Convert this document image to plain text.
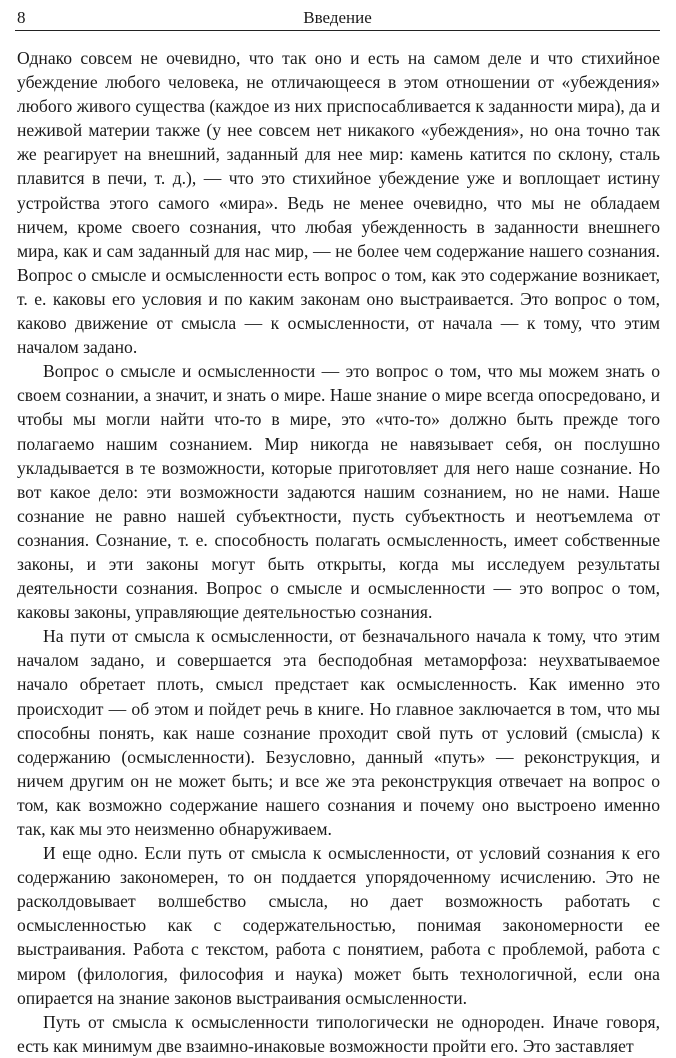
8	Введение

Однако совсем не очевидно, что так оно и есть на самом деле и что стихийное убеждение любого человека, не отличающееся в этом отношении от «убеждения» любого живого существа (каждое из них приспосабливается к заданности мира), да и неживой материи также (у нее совсем нет никакого «убеждения», но она точно так же реагирует на внешний, заданный для нее мир: камень катится по склону, сталь плавится в печи, т. д.), — что это стихийное убеждение уже и воплощает истину устройства этого самого «мира». Ведь не менее очевидно, что мы не обладаем ничем, кроме своего сознания, что любая убежденность в заданности внешнего мира, как и сам заданный для нас мир, — не более чем содержание нашего сознания. Вопрос о смысле и осмысленности есть вопрос о том, как это содержание возникает, т. е. каковы его условия и по каким законам оно выстраивается. Это вопрос о том, каково движение от смысла — к осмысленности, от начала — к тому, что этим началом задано.

Вопрос о смысле и осмысленности — это вопрос о том, что мы можем знать о своем сознании, а значит, и знать о мире. Наше знание о мире всегда опосредовано, и чтобы мы могли найти что-то в мире, это «что-то» должно быть прежде того полагаемо нашим сознанием. Мир никогда не навязывает себя, он послушно укладывается в те возможности, которые приготовляет для него наше сознание. Но вот какое дело: эти возможности задаются нашим сознанием, но не нами. Наше сознание не равно нашей субъектности, пусть субъектность и неотъемлема от сознания. Сознание, т. е. способность полагать осмысленность, имеет собственные законы, и эти законы могут быть открыты, когда мы исследуем результаты деятельности сознания. Вопрос о смысле и осмысленности — это вопрос о том, каковы законы, управляющие деятельностью сознания.

На пути от смысла к осмысленности, от безначального начала к тому, что этим началом задано, и совершается эта бесподобная метаморфоза: неухватываемое начало обретает плоть, смысл предстает как осмысленность. Как именно это происходит — об этом и пойдет речь в книге. Но главное заключается в том, что мы способны понять, как наше сознание проходит свой путь от условий (смысла) к содержанию (осмысленности). Безусловно, данный «путь» — реконструкция, и ничем другим он не может быть; и все же эта реконструкция отвечает на вопрос о том, как возможно содержание нашего сознания и почему оно выстроено именно так, как мы это неизменно обнаруживаем.

И еще одно. Если путь от смысла к осмысленности, от условий сознания к его содержанию закономерен, то он поддается упорядоченному исчислению. Это не расколдовывает волшебство смысла, но дает возможность работать с осмысленностью как с содержательностью, понимая закономерности ее выстраивания. Работа с текстом, работа с понятием, работа с проблемой, работа с миром (филология, философия и наука) может быть технологичной, если она опирается на знание законов выстраивания осмысленности.

Путь от смысла к осмысленности типологически не однороден. Иначе говоря, есть как минимум две взаимно-инаковые возможности пройти его. Это заставляет
